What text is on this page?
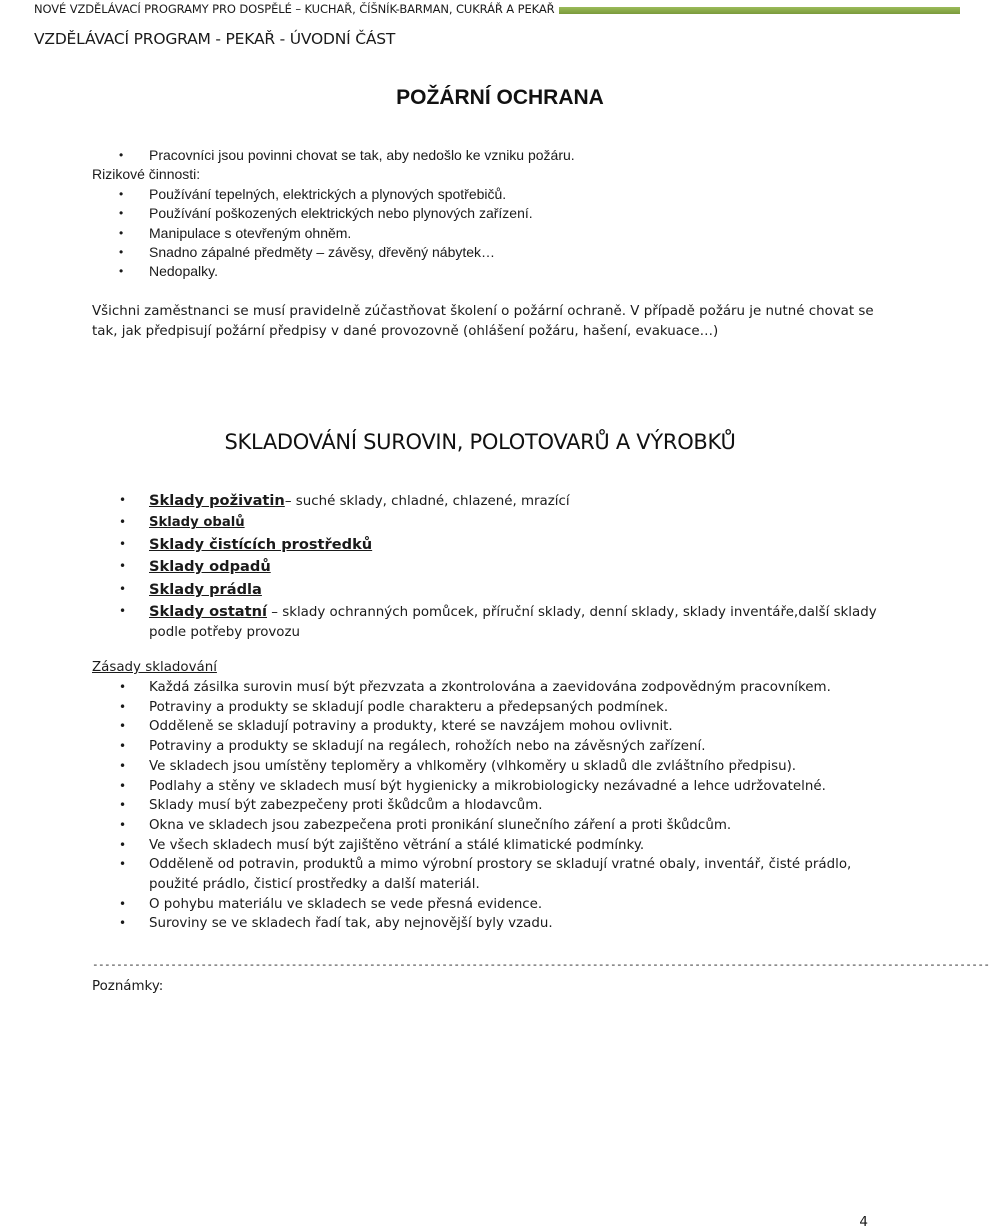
NOVÉ VZDĚLÁVACÍ PROGRAMY PRO DOSPĚLÉ – KUCHAŘ, ČÍŠNÍK-BARMAN, CUKRÁŘ A PEKAŘ
VZDĚLÁVACÍ PROGRAM - PEKAŘ - ÚVODNÍ ČÁST
POŽÁRNÍ OCHRANA
• Pracovníci jsou povinni chovat se tak, aby nedošlo ke vzniku požáru.
Rizikové činnosti:
• Používání tepelných, elektrických a plynových spotřebičů.
• Používání poškozených elektrických nebo plynových zařízení.
• Manipulace s otevřeným ohněm.
• Snadno zápalné předměty – závěsy, dřevěný nábytek…
• Nedopalky.
Všichni zaměstnanci se musí pravidelně zúčastňovat školení o požární ochraně. V případě požáru je nutné chovat se
tak, jak předpisují požární předpisy v dané provozovně (ohlášení požáru, hašení, evakuace…)
SKLADOVÁNÍ SUROVIN, POLOTOVARŮ A VÝROBKŮ
• Sklady poživatin– suché sklady, chladné, chlazené, mrazící
• Sklady obalů
• Sklady čistících prostředků
• Sklady odpadů
• Sklady prádla
• Sklady ostatní – sklady ochranných pomůcek, příruční sklady, denní sklady, sklady inventáře,další sklady
podle potřeby provozu
Zásady skladování
• Každá zásilka surovin musí být přezvzata a zkontrolována a zaevidována zodpovědným pracovníkem.
• Potraviny a produkty se skladují podle charakteru a předepsaných podmínek.
• Odděleně se skladují potraviny a produkty, které se navzájem mohou ovlivnit.
• Potraviny a produkty se skladují na regálech, rohožích nebo na závěsných zařízení.
• Ve skladech jsou umístěny teploměry a vhlkoměry (vlhkoměry u skladů dle zvláštního předpisu).
• Podlahy a stěny ve skladech musí být hygienicky a mikrobiologicky nezávadné a lehce udržovatelné.
• Sklady musí být zabezpečeny proti škůdcům a hlodavcům.
• Okna ve skladech jsou zabezpečena proti pronikání slunečního záření a proti škůdcům.
• Ve všech skladech musí být zajištěno větrání a stálé klimatické podmínky.
• Odděleně od potravin, produktů a mimo výrobní prostory se skladují vratné obaly, inventář, čisté prádlo,
použité prádlo, čisticí prostředky a další materiál.
• O pohybu materiálu ve skladech se vede přesná evidence.
• Suroviny se ve skladech řadí tak, aby nejnovější byly vzadu.
-----------------------------------------------------------------------------------------------------------------------------------------------------
Poznámky:
4
